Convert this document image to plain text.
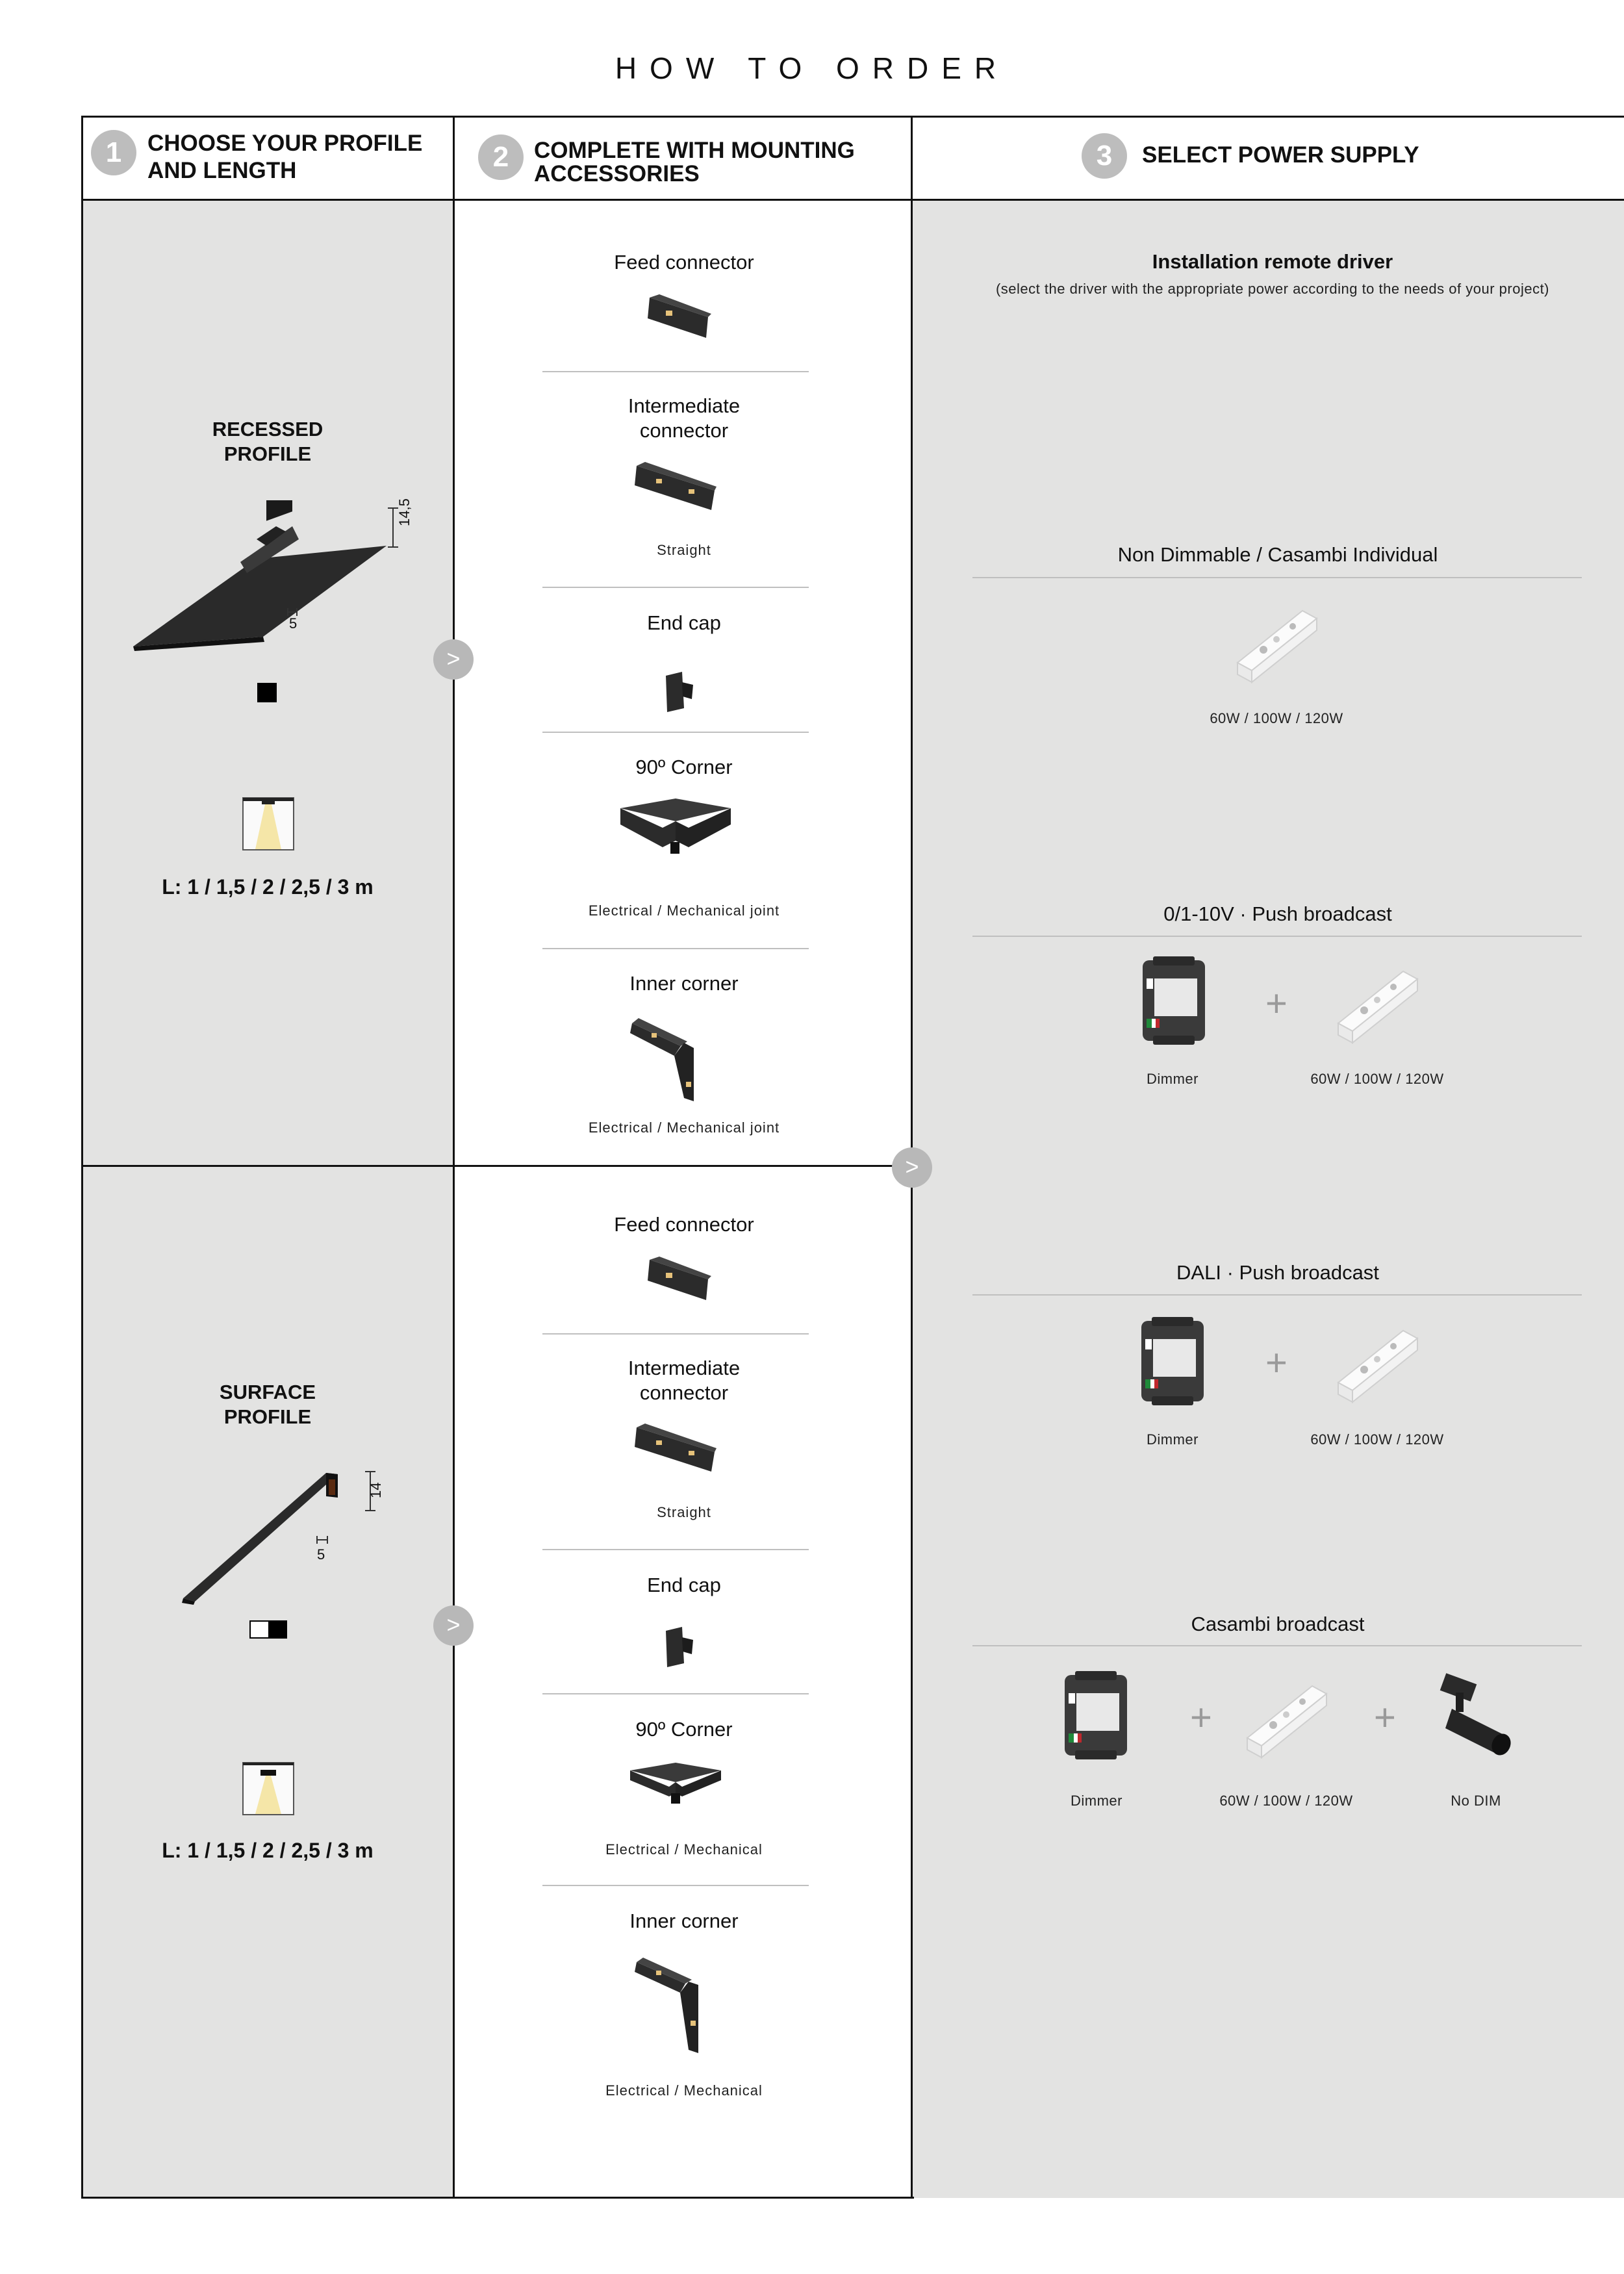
HOW TO ORDER
1	CHOOSE YOUR PROFILE
AND LENGTH	2	COMPLETE WITH MOUNTING
ACCESSORIES
3	SELECT POWER SUPPLY
RECESSED
PROFILE
14,5
5
L: 1 / 1,5 / 2 / 2,5 / 3 m
SURFACE
PROFILE
14
5
L: 1 / 1,5 / 2 / 2,5 / 3 m
>
>
>
Feed connector
Intermediate
connector
Straight
End cap
90º Corner
Electrical / Mechanical joint
Inner corner
Electrical / Mechanical joint
Feed connector
Intermediate
connector
Straight
End cap
90º Corner
Electrical / Mechanical
Inner corner
Electrical / Mechanical
Installation remote driver
(select the driver with the appropriate power according to the needs of your project)
Non Dimmable / Casambi Individual
60W / 100W / 120W
0/1-10V · Push broadcast
+
Dimmer	60W / 100W / 120W
DALI · Push broadcast
+
Dimmer	60W / 100W / 120W
Casambi broadcast
+	+
Dimmer	60W / 100W / 120W	No DIM
